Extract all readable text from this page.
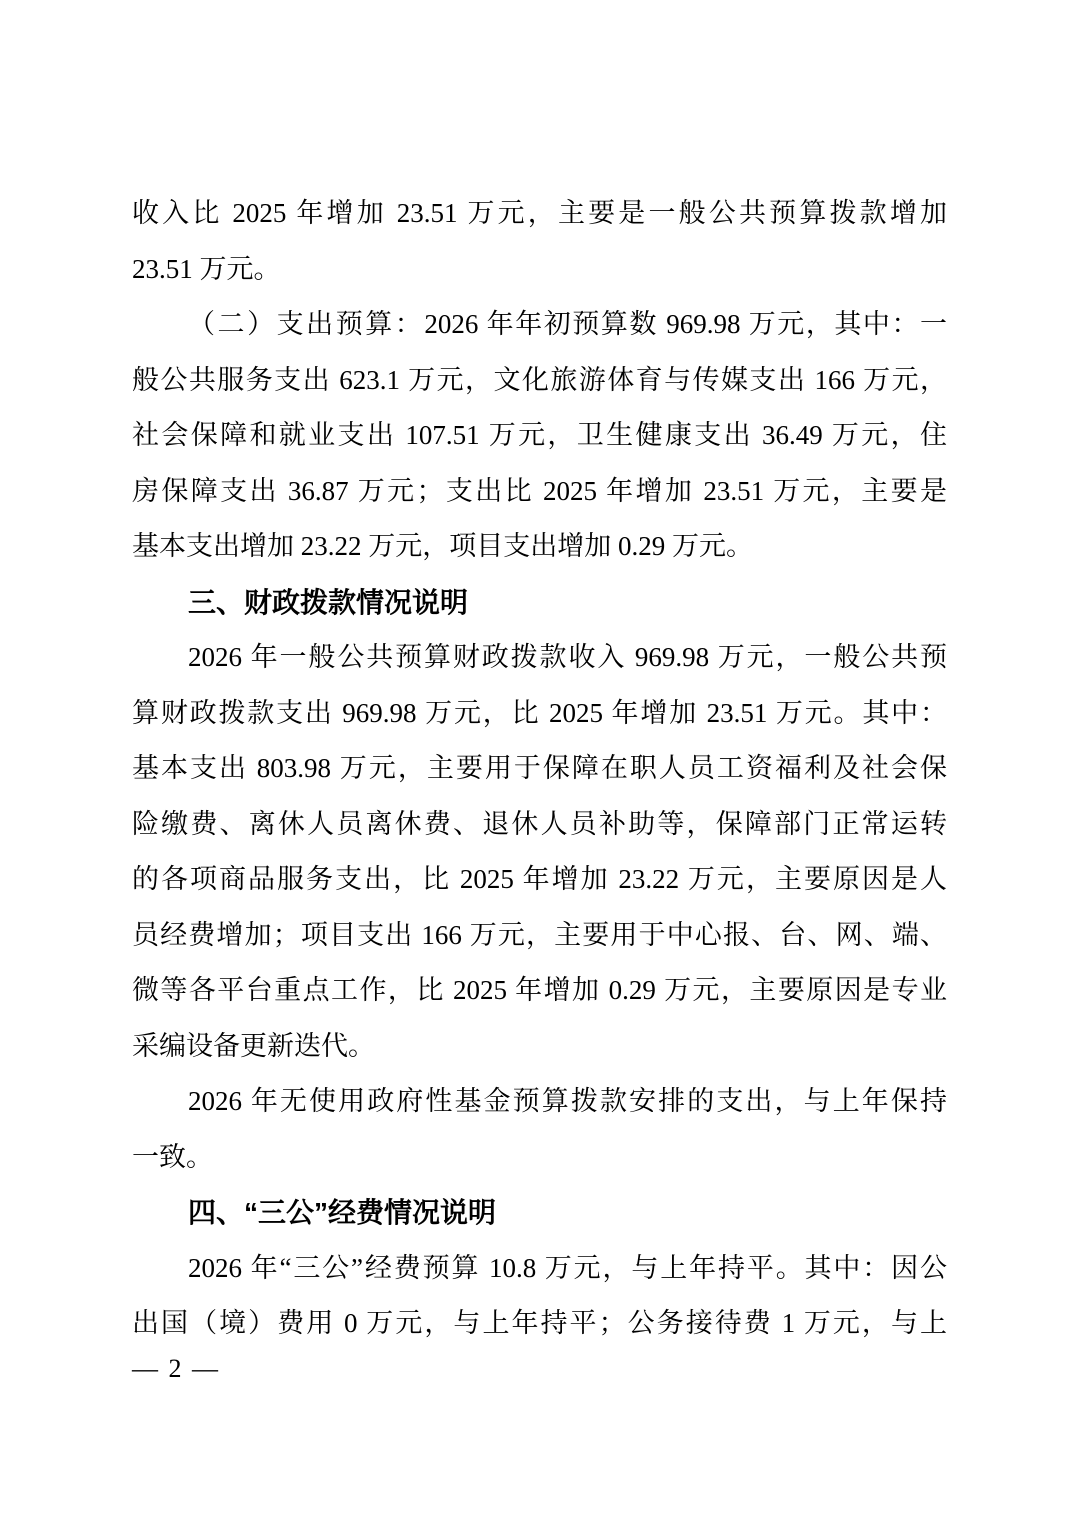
收入比 2025 年增加 23.51 万元，主要是一般公共预算拨款增加

23.51 万元。

（二）支出预算：2026 年年初预算数 969.98 万元，其中：一

般公共服务支出 623.1 万元，文化旅游体育与传媒支出 166 万元，

社会保障和就业支出 107.51 万元，卫生健康支出 36.49 万元，住

房保障支出 36.87 万元；支出比 2025 年增加 23.51 万元，主要是

基本支出增加 23.22 万元，项目支出增加 0.29 万元。

三、财政拨款情况说明

2026 年一般公共预算财政拨款收入 969.98 万元，一般公共预

算财政拨款支出 969.98 万元，比 2025 年增加 23.51 万元。其中：

基本支出 803.98 万元，主要用于保障在职人员工资福利及社会保

险缴费、离休人员离休费、退休人员补助等，保障部门正常运转

的各项商品服务支出，比 2025 年增加 23.22 万元，主要原因是人

员经费增加；项目支出 166 万元，主要用于中心报、台、网、端、

微等各平台重点工作，比 2025 年增加 0.29 万元，主要原因是专业

采编设备更新迭代。

2026 年无使用政府性基金预算拨款安排的支出，与上年保持

一致。

四、“三公”经费情况说明

2026 年“三公”经费预算 10.8 万元，与上年持平。其中：因公

出国（境）费用 0 万元，与上年持平；公务接待费 1 万元，与上

— 2 —
